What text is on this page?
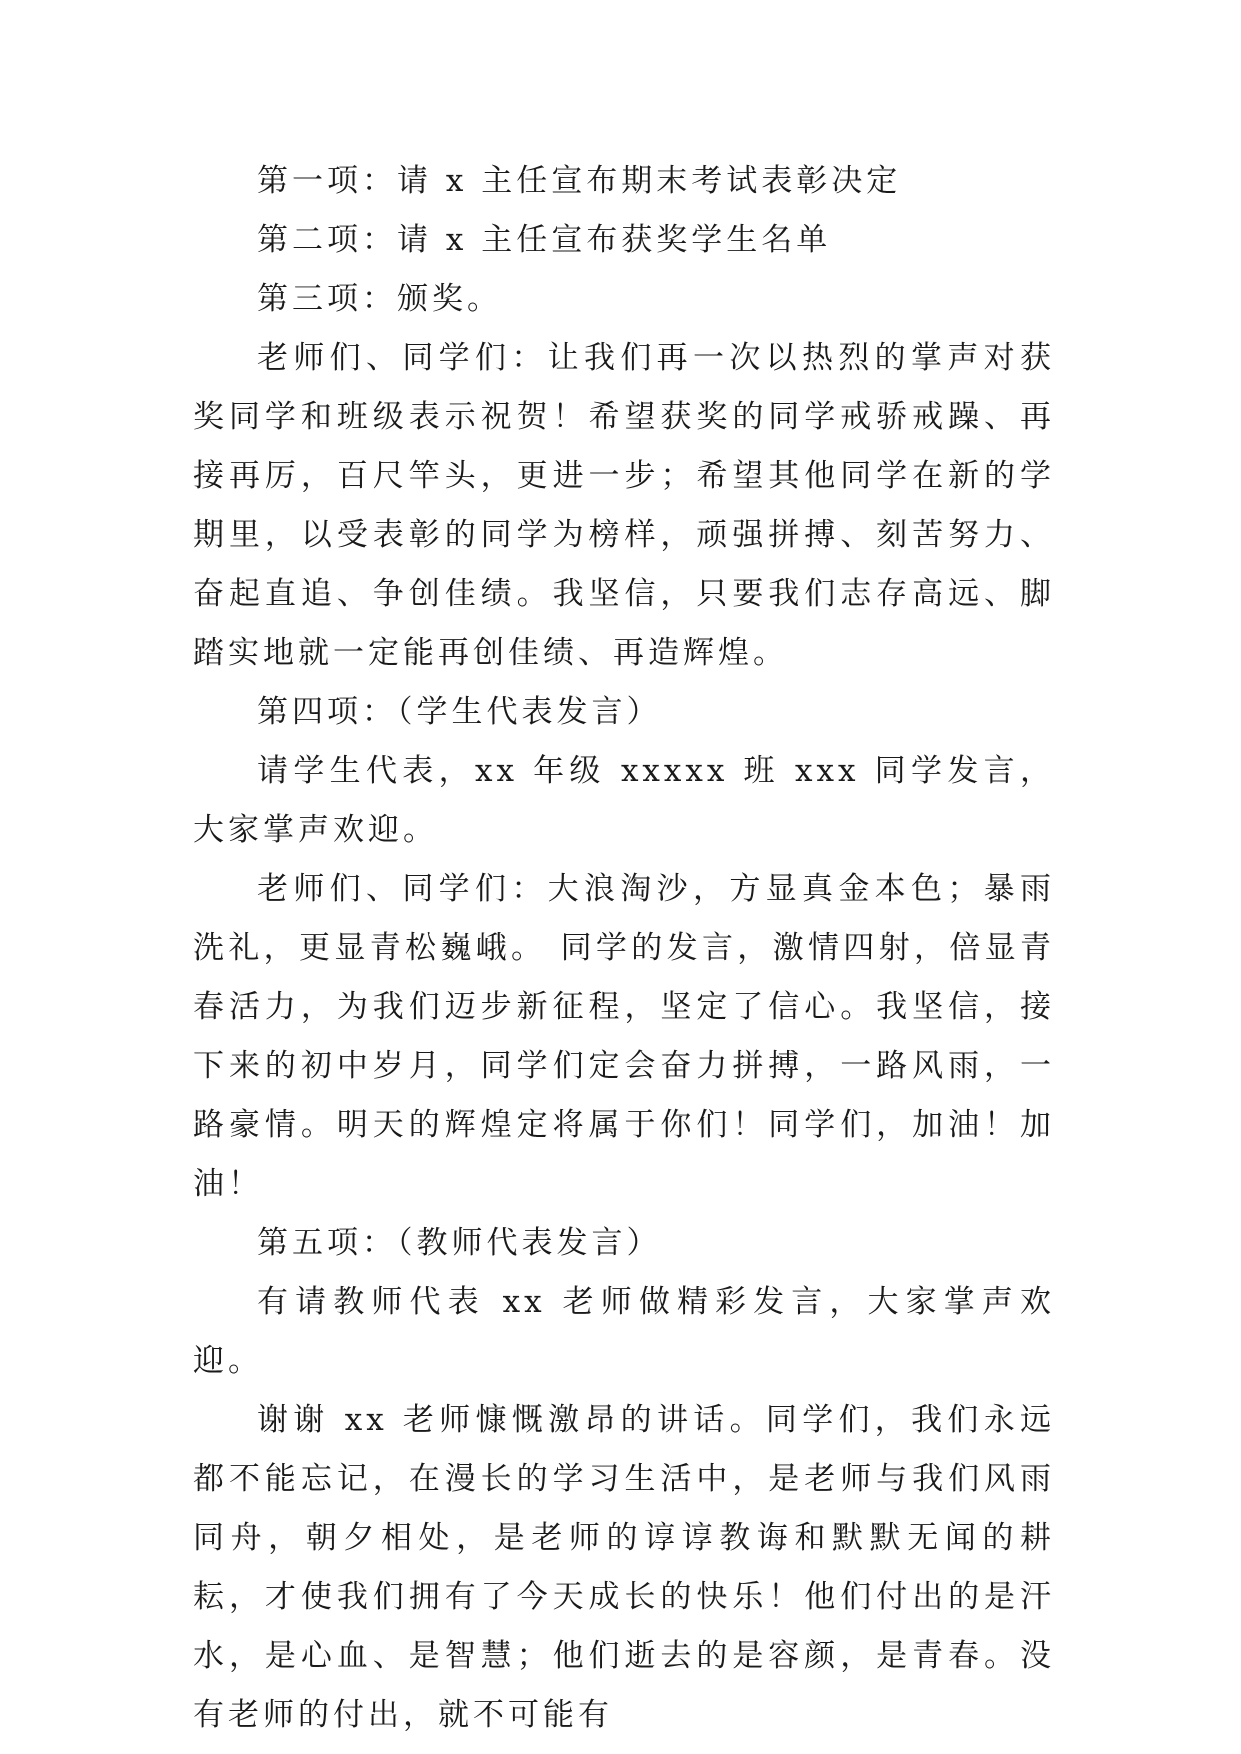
第一项：请 x 主任宣布期末考试表彰决定

第二项：请 x 主任宣布获奖学生名单

第三项：颁奖。

老师们、同学们：让我们再一次以热烈的掌声对获奖同学和班级表示祝贺！希望获奖的同学戒骄戒躁、再接再厉，百尺竿头，更进一步；希望其他同学在新的学期里，以受表彰的同学为榜样，顽强拼搏、刻苦努力、奋起直追、争创佳绩。我坚信，只要我们志存高远、脚踏实地就一定能再创佳绩、再造辉煌。

第四项：（学生代表发言）

请学生代表，xx 年级 xxxxx 班 xxx 同学发言，大家掌声欢迎。

老师们、同学们：大浪淘沙，方显真金本色；暴雨洗礼，更显青松巍峨。 同学的发言，激情四射，倍显青春活力，为我们迈步新征程，坚定了信心。我坚信，接下来的初中岁月，同学们定会奋力拼搏，一路风雨，一路豪情。明天的辉煌定将属于你们！同学们，加油！加油！

第五项：（教师代表发言）

有请教师代表 xx 老师做精彩发言，大家掌声欢迎。

谢谢 xx 老师慷慨激昂的讲话。同学们，我们永远都不能忘记，在漫长的学习生活中，是老师与我们风雨同舟，朝夕相处，是老师的谆谆教诲和默默无闻的耕耘，才使我们拥有了今天成长的快乐！他们付出的是汗水，是心血、是智慧；他们逝去的是容颜，是青春。没有老师的付出，就不可能有
